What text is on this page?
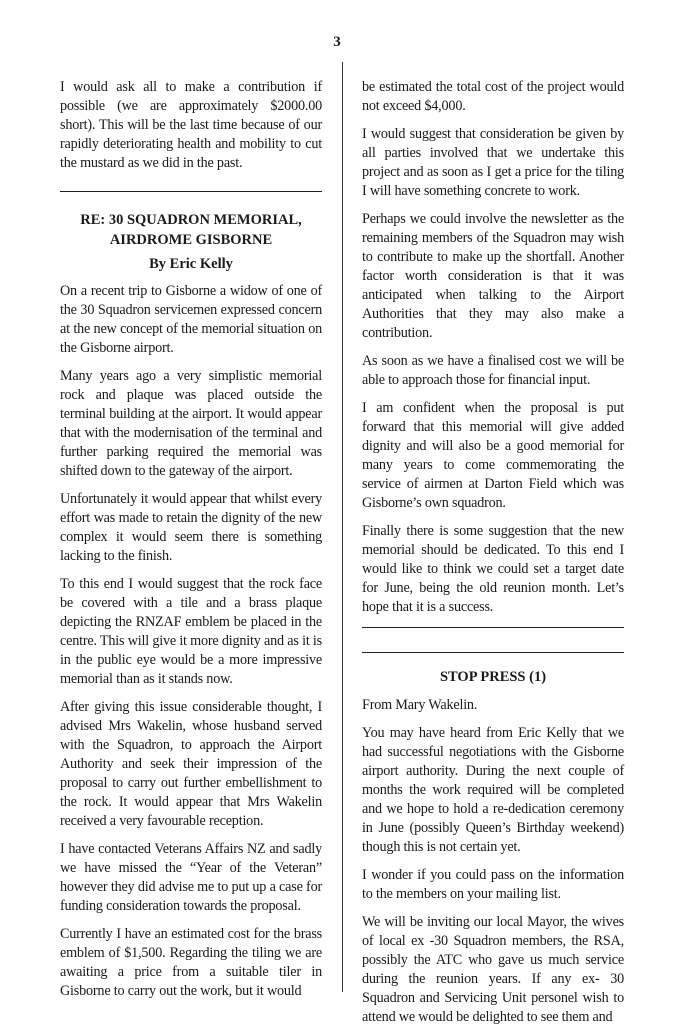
3

I would ask all to make a contribution if possible (we are approximately $2000.00 short). This will be the last time because of our rapidly deteriorating health and mobility to cut the mustard as we did in the past.

RE: 30 SQUADRON MEMORIAL,
AIRDROME GISBORNE
By Eric Kelly

On a recent trip to Gisborne a widow of one of the 30 Squadron servicemen expressed concern at the new concept of the memorial situation on the Gisborne airport.

Many years ago a very simplistic memorial rock and plaque was placed outside the terminal building at the airport. It would appear that with the modernisation of the terminal and further parking required the memorial was shifted down to the gateway of the airport.

Unfortunately it would appear that whilst every effort was made to retain the dignity of the new complex it would seem there is something lacking to the finish.

To this end I would suggest that the rock face be covered with a tile and a brass plaque depicting the RNZAF emblem be placed in the centre. This will give it more dignity and as it is in the public eye would be a more impressive memorial than as it stands now.

After giving this issue considerable thought, I advised Mrs Wakelin, whose husband served with the Squadron, to approach the Airport Authority and seek their impression of the proposal to carry out further embellishment to the rock. It would appear that Mrs Wakelin received a very favourable reception.

I have contacted Veterans Affairs NZ and sadly we have missed the “Year of the Veteran” however they did advise me to put up a case for funding consideration towards the proposal.

Currently I have an estimated cost for the brass emblem of $1,500. Regarding the tiling we are awaiting a price from a suitable tiler in Gisborne to carry out the work, but it would

be estimated the total cost of the project would not exceed $4,000.

I would suggest that consideration be given by all parties involved that we undertake this project and as soon as I get a price for the tiling I will have something concrete to work.

Perhaps we could involve the newsletter as the remaining members of the Squadron may wish to contribute to make up the shortfall. Another factor worth consideration is that it was anticipated when talking to the Airport Authorities that they may also make a contribution.

As soon as we have a finalised cost we will be able to approach those for financial input.

I am confident when the proposal is put forward that this memorial will give added dignity and will also be a good memorial for many years to come commemorating the service of airmen at Darton Field which was Gisborne’s own squadron.

Finally there is some suggestion that the new memorial should be dedicated. To this end I would like to think we could set a target date for June, being the old reunion month. Let’s hope that it is a success.

STOP PRESS (1)

From Mary Wakelin.

You may have heard from Eric Kelly that we had successful negotiations with the Gisborne airport authority. During the next couple of months the work required will be completed and we hope to hold a re-dedication ceremony in June (possibly Queen’s Birthday weekend) though this is not certain yet.

I wonder if you could pass on the information to the members on your mailing list.

We will be inviting our local Mayor, the wives of local ex -30 Squadron members, the RSA, possibly the ATC who gave us much service during the reunion years. If any ex- 30 Squadron and Servicing Unit personel wish to attend we would be delighted to see them and
